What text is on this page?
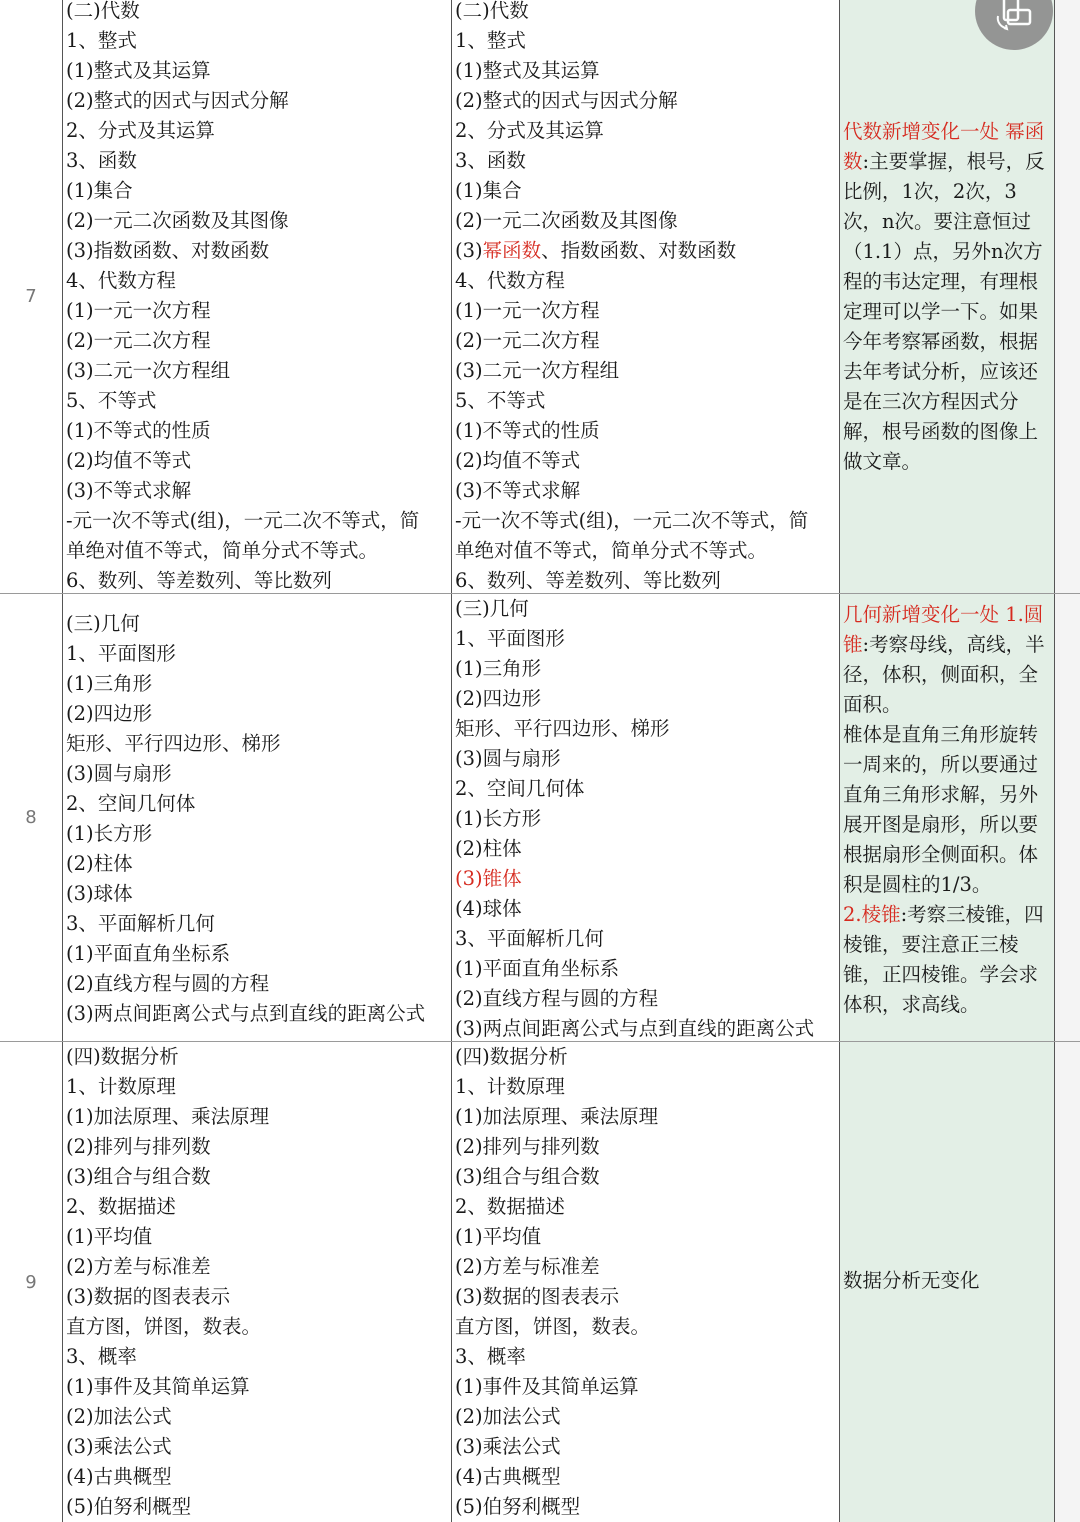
7
(二)代数
1、整式
(1)整式及其运算
(2)整式的因式与因式分解
2、分式及其运算
3、函数
(1)集合
(2)一元二次函数及其图像
(3)指数函数、对数函数
4、代数方程
(1)一元一次方程
(2)一元二次方程
(3)二元一次方程组
5、不等式
(1)不等式的性质
(2)均值不等式
(3)不等式求解
-元一次不等式(组)，一元二次不等式，简
单绝对值不等式，简单分式不等式。
6、数列、等差数列、等比数列
(二)代数
1、整式
(1)整式及其运算
(2)整式的因式与因式分解
2、分式及其运算
3、函数
(1)集合
(2)一元二次函数及其图像
(3)幂函数、指数函数、对数函数
4、代数方程
(1)一元一次方程
(2)一元二次方程
(3)二元一次方程组
5、不等式
(1)不等式的性质
(2)均值不等式
(3)不等式求解
-元一次不等式(组)，一元二次不等式，简
单绝对值不等式，简单分式不等式。
6、数列、等差数列、等比数列
代数新增变化一处 幂函数:主要掌握，根号，反比例，1次，2次，3次，n次。要注意恒过（1.1）点，另外n次方程的韦达定理，有理根定理可以学一下。如果今年考察幂函数，根据去年考试分析，应该还是在三次方程因式分解，根号函数的图像上做文章。
8
(三)几何
1、平面图形
(1)三角形
(2)四边形
矩形、平行四边形、梯形
(3)圆与扇形
2、空间几何体
(1)长方形
(2)柱体
(3)球体
3、平面解析几何
(1)平面直角坐标系
(2)直线方程与圆的方程
(3)两点间距离公式与点到直线的距离公式
(三)几何
1、平面图形
(1)三角形
(2)四边形
矩形、平行四边形、梯形
(3)圆与扇形
2、空间几何体
(1)长方形
(2)柱体
(3)锥体
(4)球体
3、平面解析几何
(1)平面直角坐标系
(2)直线方程与圆的方程
(3)两点间距离公式与点到直线的距离公式
几何新增变化一处 1.圆锥:考察母线，高线，半径，体积，侧面积，全面积。
椎体是直角三角形旋转一周来的，所以要通过直角三角形求解，另外展开图是扇形，所以要根据扇形全侧面积。体积是圆柱的1/3。
2.棱锥:考察三棱锥，四棱锥，要注意正三棱锥，正四棱锥。学会求体积，求高线。
9
(四)数据分析
1、计数原理
(1)加法原理、乘法原理
(2)排列与排列数
(3)组合与组合数
2、数据描述
(1)平均值
(2)方差与标准差
(3)数据的图表表示
直方图，饼图，数表。
3、概率
(1)事件及其简单运算
(2)加法公式
(3)乘法公式
(4)古典概型
(5)伯努利概型
(四)数据分析
1、计数原理
(1)加法原理、乘法原理
(2)排列与排列数
(3)组合与组合数
2、数据描述
(1)平均值
(2)方差与标准差
(3)数据的图表表示
直方图，饼图，数表。
3、概率
(1)事件及其简单运算
(2)加法公式
(3)乘法公式
(4)古典概型
(5)伯努利概型
数据分析无变化
